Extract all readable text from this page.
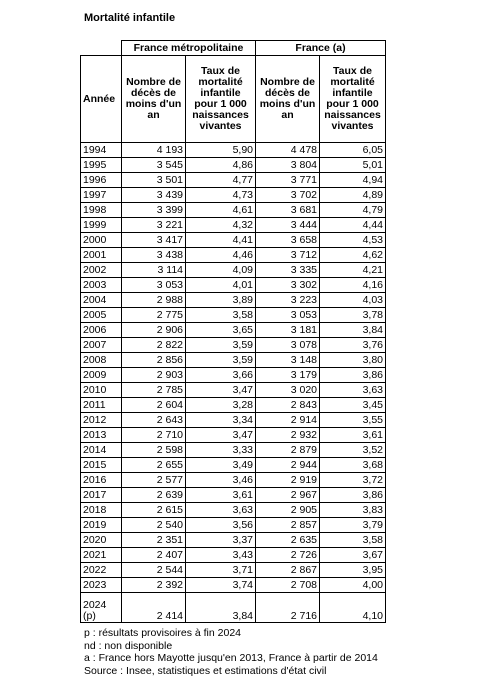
Mortalité infantile
	France métropolitaine		France (a)	
Année	Nombre de décès de moins d'un an	Taux de mortalité infantile pour 1 000 naissances vivantes	Nombre de décès de moins d'un an	Taux de mortalité infantile pour 1 000 naissances vivantes
1994	4 193	5,90	4 478	6,05
1995	3 545	4,86	3 804	5,01
1996	3 501	4,77	3 771	4,94
1997	3 439	4,73	3 702	4,89
1998	3 399	4,61	3 681	4,79
1999	3 221	4,32	3 444	4,44
2000	3 417	4,41	3 658	4,53
2001	3 438	4,46	3 712	4,62
2002	3 114	4,09	3 335	4,21
2003	3 053	4,01	3 302	4,16
2004	2 988	3,89	3 223	4,03
2005	2 775	3,58	3 053	3,78
2006	2 906	3,65	3 181	3,84
2007	2 822	3,59	3 078	3,76
2008	2 856	3,59	3 148	3,80
2009	2 903	3,66	3 179	3,86
2010	2 785	3,47	3 020	3,63
2011	2 604	3,28	2 843	3,45
2012	2 643	3,34	2 914	3,55
2013	2 710	3,47	2 932	3,61
2014	2 598	3,33	2 879	3,52
2015	2 655	3,49	2 944	3,68
2016	2 577	3,46	2 919	3,72
2017	2 639	3,61	2 967	3,86
2018	2 615	3,63	2 905	3,83
2019	2 540	3,56	2 857	3,79
2020	2 351	3,37	2 635	3,58
2021	2 407	3,43	2 726	3,67
2022	2 544	3,71	2 867	3,95
2023	2 392	3,74	2 708	4,00

2024
(p)	2 414	3,84	2 716	4,10
p : résultats provisoires à fin 2024
nd : non disponible
a : France hors Mayotte jusqu'en 2013, France à partir de 2014
Source : Insee, statistiques et estimations d'état civil
